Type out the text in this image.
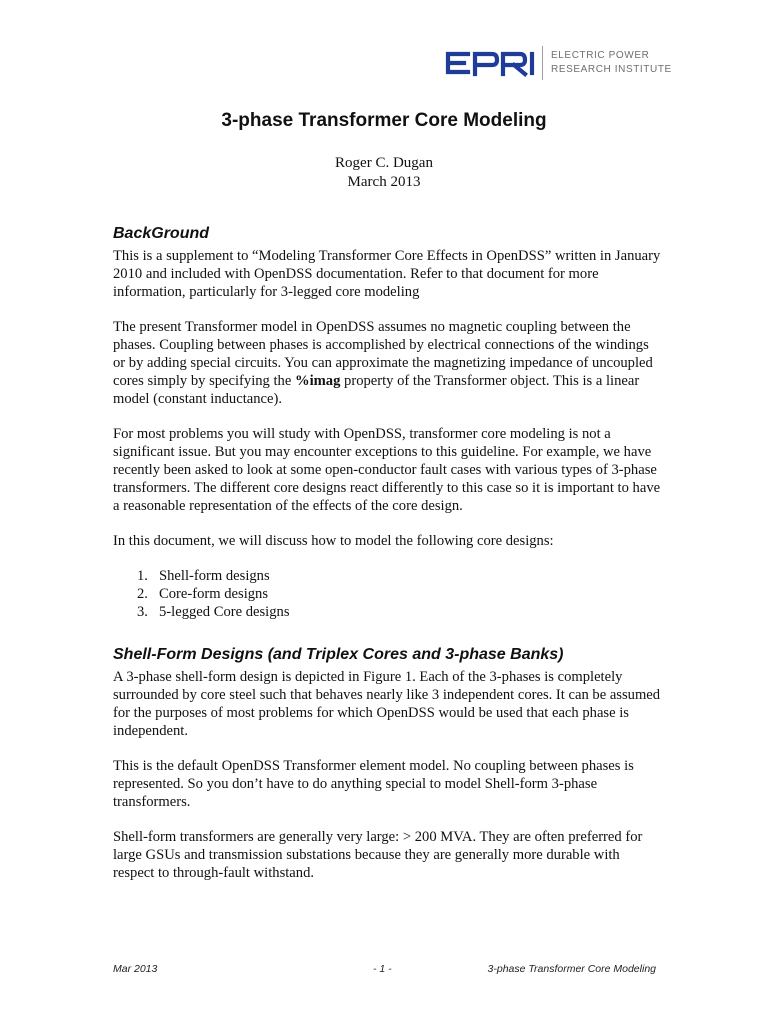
ELECTRIC POWER
RESEARCH INSTITUTE
3-phase Transformer Core Modeling
Roger C. Dugan
March 2013
BackGround

This is a supplement to “Modeling Transformer Core Effects in OpenDSS” written in January 2010 and included with OpenDSS documentation. Refer to that document for more information, particularly for 3-legged core modeling

The present Transformer model in OpenDSS assumes no magnetic coupling between the phases. Coupling between phases is accomplished by electrical connections of the windings or by adding special circuits. You can approximate the magnetizing impedance of uncoupled cores simply by specifying the %imag property of the Transformer object. This is a linear model (constant inductance).

For most problems you will study with OpenDSS, transformer core modeling is not a significant issue. But you may encounter exceptions to this guideline. For example, we have recently been asked to look at some open-conductor fault cases with various types of 3-phase transformers. The different core designs react differently to this case so it is important to have a reasonable representation of the effects of the core design.

In this document, we will discuss how to model the following core designs:

1. Shell-form designs
2. Core-form designs
3. 5-legged Core designs
Shell-Form Designs (and Triplex Cores and 3-phase Banks)

A 3-phase shell-form design is depicted in Figure 1. Each of the 3-phases is completely surrounded by core steel such that behaves nearly like 3 independent cores. It can be assumed for the purposes of most problems for which OpenDSS would be used that each phase is independent.

This is the default OpenDSS Transformer element model. No coupling between phases is represented. So you don’t have to do anything special to model Shell-form 3-phase transformers.

Shell-form transformers are generally very large: > 200 MVA. They are often preferred for large GSUs and transmission substations because they are generally more durable with respect to through-fault withstand.

Mar 2013	- 1 -	3-phase Transformer Core Modeling
